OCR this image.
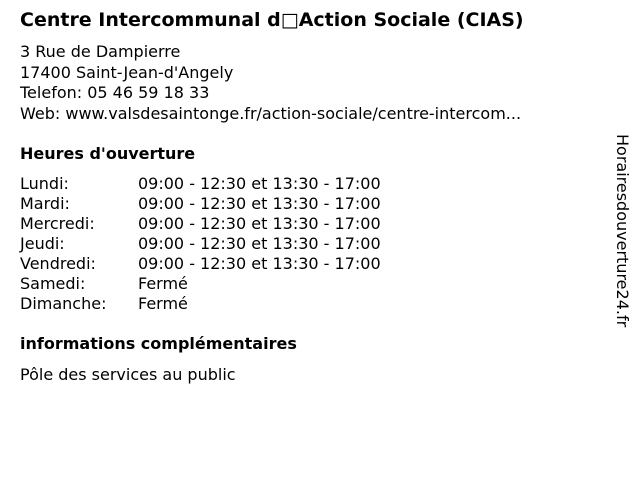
Centre Intercommunal d□Action Sociale (CIAS)
3 Rue de Dampierre
17400 Saint-Jean-d'Angely
Telefon: 05 46 59 18 33
Web: www.valsdesaintonge.fr/action-sociale/centre-intercom...
Heures d'ouverture
Lundi:	09:00 - 12:30 et 13:30 - 17:00
Mardi:	09:00 - 12:30 et 13:30 - 17:00
Mercredi:	09:00 - 12:30 et 13:30 - 17:00
Jeudi:	09:00 - 12:30 et 13:30 - 17:00
Vendredi:	09:00 - 12:30 et 13:30 - 17:00
Samedi:	Fermé
Dimanche:	Fermé
informations complémentaires
Pôle des services au public
Horairesdouverture24.fr
